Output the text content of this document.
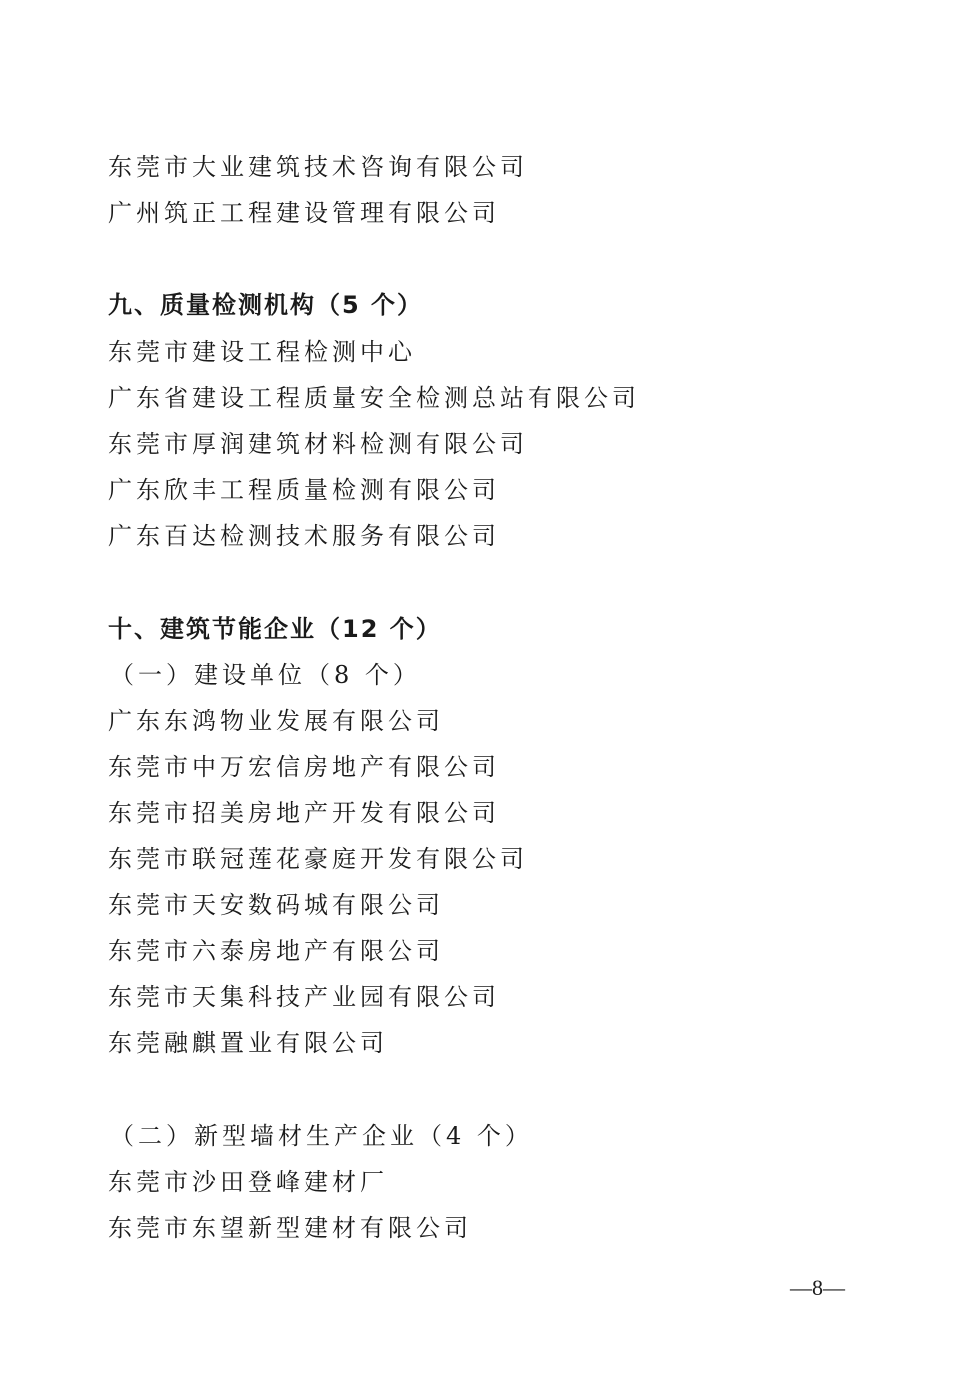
东莞市大业建筑技术咨询有限公司
广州筑正工程建设管理有限公司
九、质量检测机构（5 个）
东莞市建设工程检测中心
广东省建设工程质量安全检测总站有限公司
东莞市厚润建筑材料检测有限公司
广东欣丰工程质量检测有限公司
广东百达检测技术服务有限公司
十、建筑节能企业（12 个）
（一）建设单位（8 个）
广东东鸿物业发展有限公司
东莞市中万宏信房地产有限公司
东莞市招美房地产开发有限公司
东莞市联冠莲花豪庭开发有限公司
东莞市天安数码城有限公司
东莞市六泰房地产有限公司
东莞市天集科技产业园有限公司
东莞融麒置业有限公司
（二）新型墙材生产企业（4 个）
东莞市沙田登峰建材厂
东莞市东望新型建材有限公司
—8—
